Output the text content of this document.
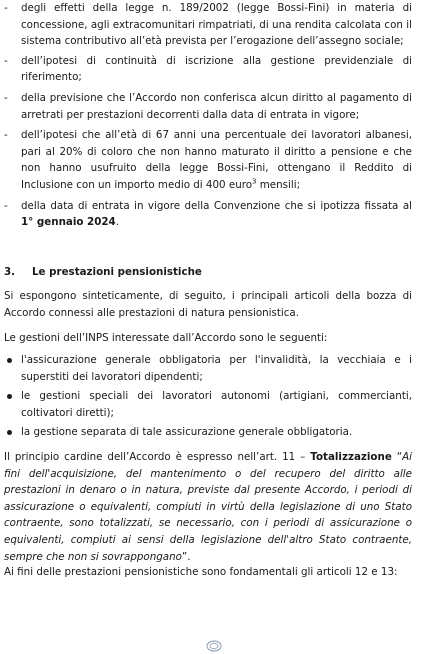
- degli effetti della legge n. 189/2002 (legge Bossi-Fini) in materia di concessione, agli extracomunitari rimpatriati, di una rendita calcolata con il sistema contributivo all’età prevista per l’erogazione dell’assegno sociale;
- dell’ipotesi di continuità di iscrizione alla gestione previdenziale di riferimento;
- della previsione che l’Accordo non conferisca alcun diritto al pagamento di arretrati per prestazioni decorrenti dalla data di entrata in vigore;
- dell’ipotesi che all’età di 67 anni una percentuale dei lavoratori albanesi, pari al 20% di coloro che non hanno maturato il diritto a pensione e che non hanno usufruito della legge Bossi-Fini, ottengano il Reddito di Inclusione con un importo medio di 400 euro$^3$ mensili;
- della data di entrata in vigore della Convenzione che si ipotizza fissata al 1° gennaio 2024.
3. Le prestazioni pensionistiche
Si espongono sinteticamente, di seguito, i principali articoli della bozza di Accordo connessi alle prestazioni di natura pensionistica.
Le gestioni dell’INPS interessate dall’Accordo sono le seguenti:
l'assicurazione generale obbligatoria per l'invalidità, la vecchiaia e i superstiti dei lavoratori dipendenti;
le gestioni speciali dei lavoratori autonomi (artigiani, commercianti, coltivatori diretti);
la gestione separata di tale assicurazione generale obbligatoria.
Il principio cardine dell’Accordo è espresso nell’art. 11 – Totalizzazione “Ai fini dell'acquisizione, del mantenimento o del recupero del diritto alle prestazioni in denaro o in natura, previste dal presente Accordo, i periodi di assicurazione o equivalenti, compiuti in virtù della legislazione di uno Stato contraente, sono totalizzati, se necessario, con i periodi di assicurazione o equivalenti, compiuti ai sensi della legislazione dell'altro Stato contraente, sempre che non si sovrappongano”.
Ai fini delle prestazioni pensionistiche sono fondamentali gli articoli 12 e 13:
